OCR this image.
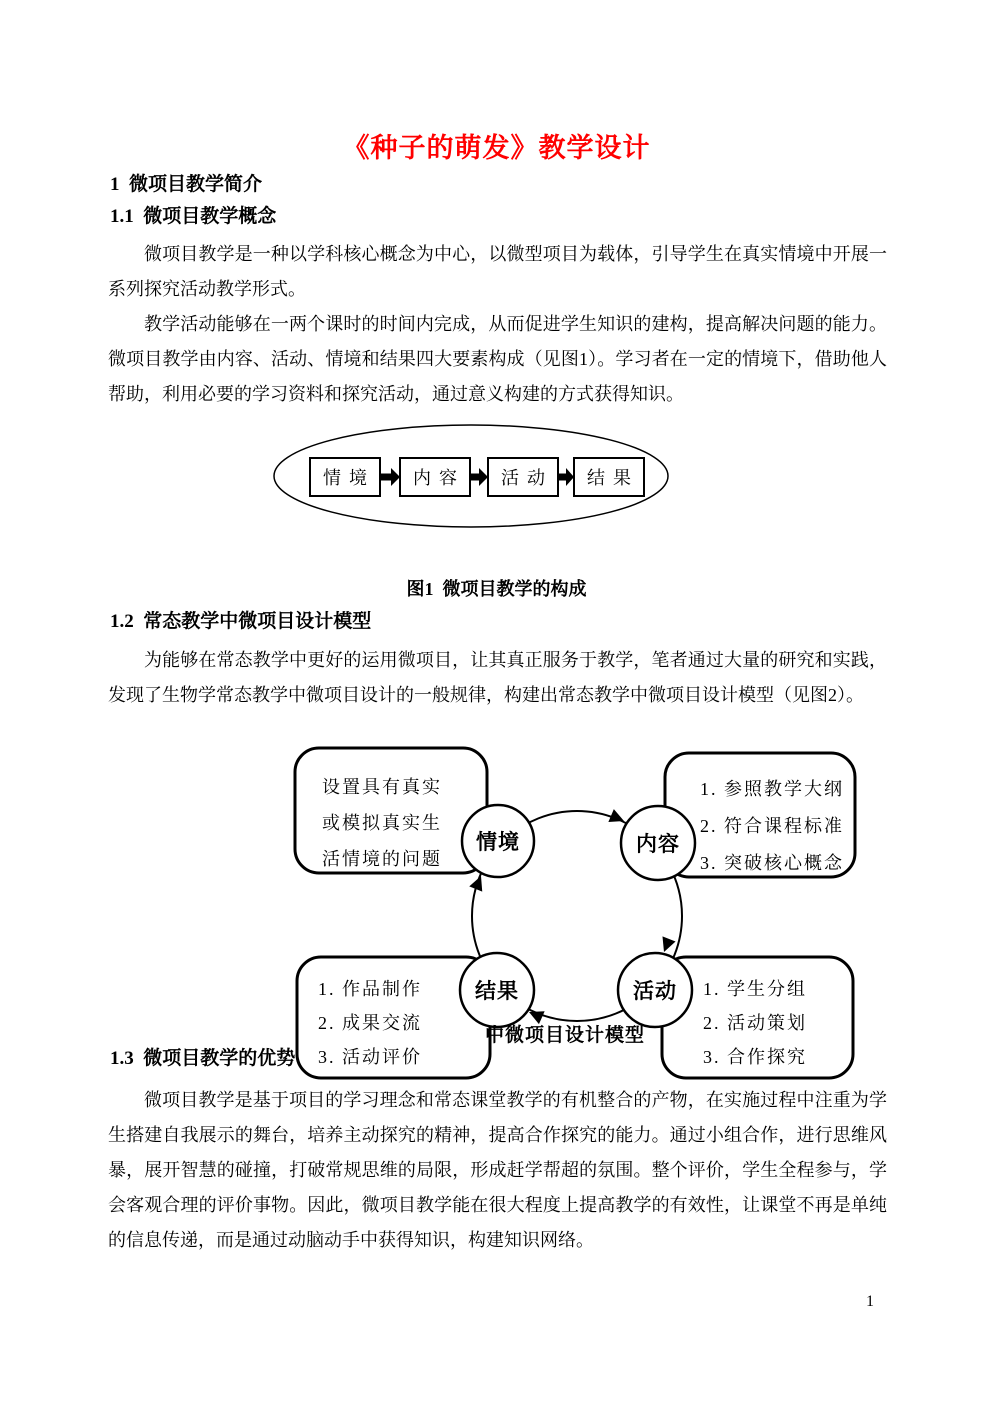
《种子的萌发》教学设计
1  微项目教学简介
1.1  微项目教学概念
微项目教学是一种以学科核心概念为中心，以微型项目为载体，引导学生在真实情境中开展一系列探究活动教学形式。
教学活动能够在一两个课时的时间内完成，从而促进学生知识的建构，提高解决问题的能力。微项目教学由内容、活动、情境和结果四大要素构成（见图1）。学习者在一定的情境下，借助他人帮助，利用必要的学习资料和探究活动，通过意义构建的方式获得知识。
情境 内容 活动 结果
图1  微项目教学的构成
1.2  常态教学中微项目设计模型
为能够在常态教学中更好的运用微项目，让其真正服务于教学，笔者通过大量的研究和实践，发现了生物学常态教学中微项目设计的一般规律，构建出常态教学中微项目设计模型（见图2）。
1.3  微项目教学的优势
设置具有真实
或模拟真实生
活情境的问题
1. 参照教学大纲
2. 符合课程标准
3. 突破核心概念
1. 作品制作
2. 成果交流
3. 活动评价
1. 学生分组
2. 活动策划
3. 合作探究
情境	内容
结果	活动
中微项目设计模型
微项目教学是基于项目的学习理念和常态课堂教学的有机整合的产物，在实施过程中注重为学生搭建自我展示的舞台，培养主动探究的精神，提高合作探究的能力。通过小组合作，进行思维风暴，展开智慧的碰撞，打破常规思维的局限，形成赶学帮超的氛围。整个评价，学生全程参与，学会客观合理的评价事物。因此，微项目教学能在很大程度上提高教学的有效性，让课堂不再是单纯的信息传递，而是通过动脑动手中获得知识，构建知识网络。
1
